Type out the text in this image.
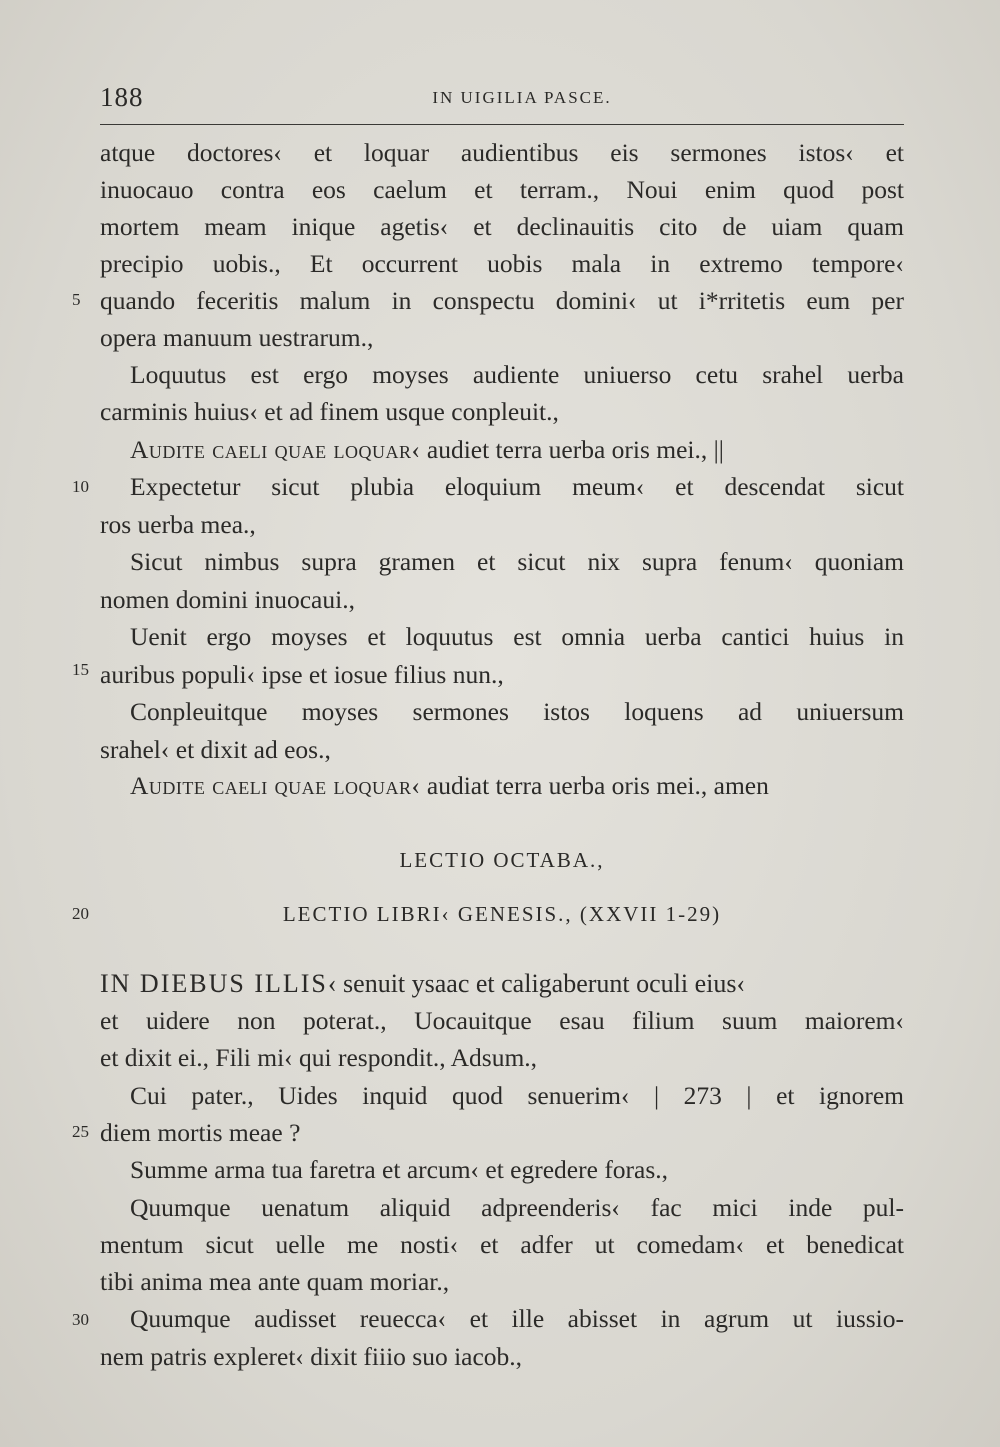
188	IN UIGILIA PASCE.
5
10
15
20
25
30
atque doctores‹ et loquar audientibus eis sermones istos‹ et
inuocauo contra eos caelum et terram., Noui enim quod post
mortem meam inique agetis‹ et declinauitis cito de uiam quam
precipio uobis., Et occurrent uobis mala in extremo tempore‹
quando feceritis malum in conspectu domini‹ ut i*rritetis eum per
opera manuum uestrarum.,
Loquutus est ergo moyses audiente uniuerso cetu srahel uerba
carminis huius‹ et ad finem usque conpleuit.,
Audite caeli quae loquar‹ audiet terra uerba oris mei., ||
Expectetur sicut plubia eloquium meum‹ et descendat sicut
ros uerba mea.,
Sicut nimbus supra gramen et sicut nix supra fenum‹ quoniam
nomen domini inuocaui.,
Uenit ergo moyses et loquutus est omnia uerba cantici huius in
auribus populi‹ ipse et iosue filius nun.,
Conpleuitque moyses sermones istos loquens ad uniuersum
srahel‹ et dixit ad eos.,
Audite caeli quae loquar‹ audiat terra uerba oris mei., amen
LECTIO OCTABA.,
LECTIO LIBRI‹ GENESIS., (XXVII 1-29)
IN DIEBUS ILLIS‹ senuit ysaac et caligaberunt oculi eius‹
et uidere non poterat., Uocauitque esau filium suum maiorem‹
et dixit ei., Fili mi‹ qui respondit., Adsum.,
Cui pater., Uides inquid quod senuerim‹ | 273 | et ignorem
diem mortis meae ?
Summe arma tua faretra et arcum‹ et egredere foras.,
Quumque uenatum aliquid adpreenderis‹ fac mici inde pul-
mentum sicut uelle me nosti‹ et adfer ut comedam‹ et benedicat
tibi anima mea ante quam moriar.,
Quumque audisset reuecca‹ et ille abisset in agrum ut iussio-
nem patris expleret‹ dixit fiiio suo iacob.,
